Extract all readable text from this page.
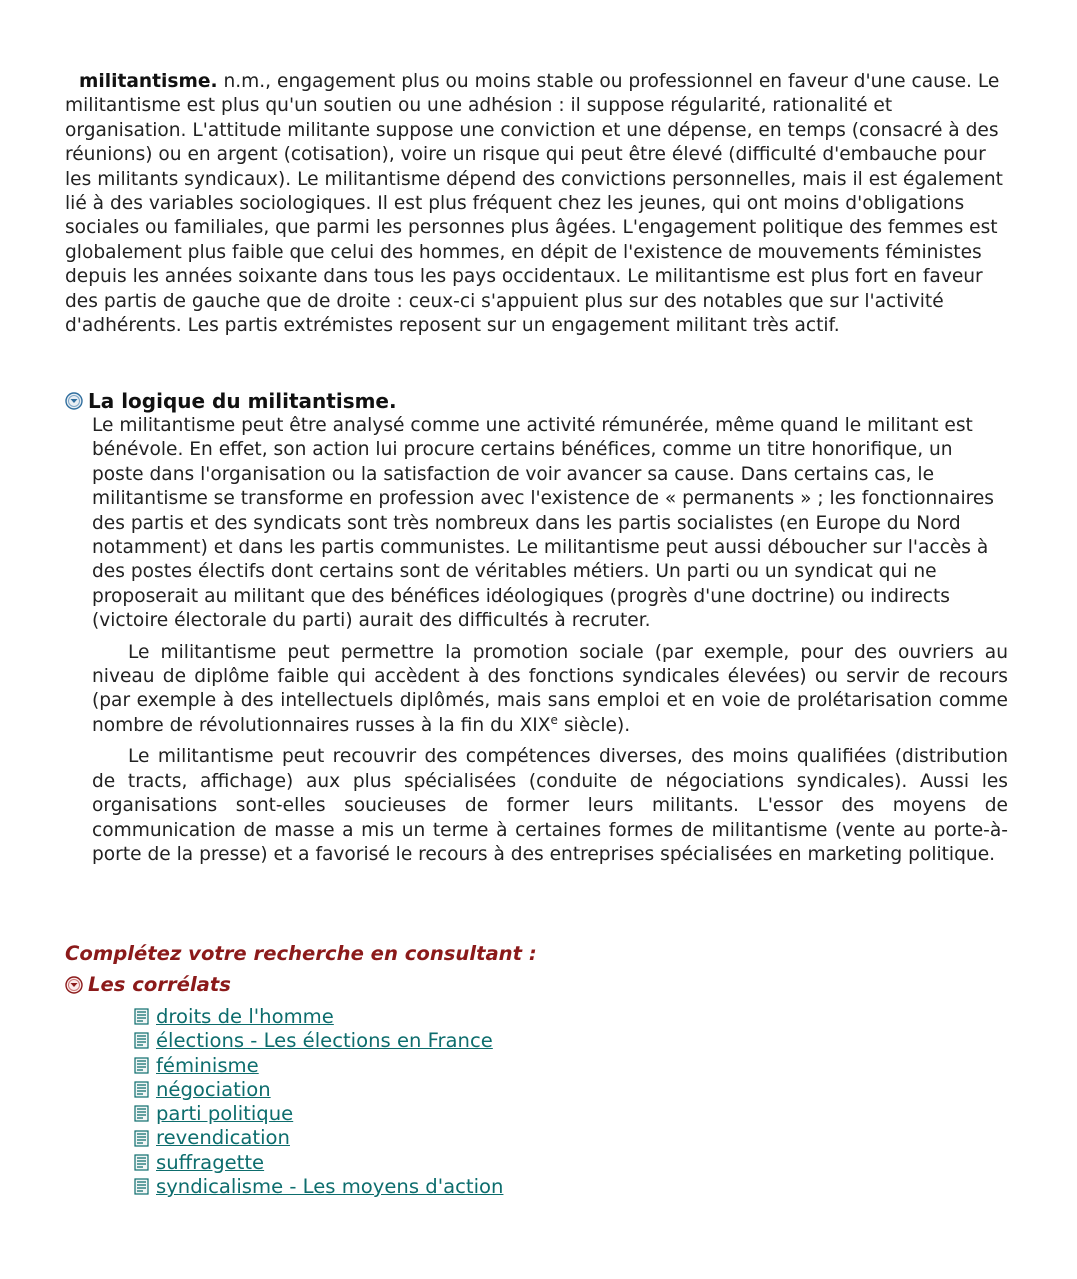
militantisme. n.m., engagement plus ou moins stable ou professionnel en faveur d'une cause. Le militantisme est plus qu'un soutien ou une adhésion : il suppose régularité, rationalité et organisation. L'attitude militante suppose une conviction et une dépense, en temps (consacré à des réunions) ou en argent (cotisation), voire un risque qui peut être élevé (difficulté d'embauche pour les militants syndicaux). Le militantisme dépend des convictions personnelles, mais il est également lié à des variables sociologiques. Il est plus fréquent chez les jeunes, qui ont moins d'obligations sociales ou familiales, que parmi les personnes plus âgées. L'engagement politique des femmes est globalement plus faible que celui des hommes, en dépit de l'existence de mouvements féministes depuis les années soixante dans tous les pays occidentaux. Le militantisme est plus fort en faveur des partis de gauche que de droite : ceux-ci s'appuient plus sur des notables que sur l'activité d'adhérents. Les partis extrémistes reposent sur un engagement militant très actif.
La logique du militantisme.

Le militantisme peut être analysé comme une activité rémunérée, même quand le militant est bénévole. En effet, son action lui procure certains bénéfices, comme un titre honorifique, un poste dans l'organisation ou la satisfaction de voir avancer sa cause. Dans certains cas, le militantisme se transforme en profession avec l'existence de « permanents » ; les fonctionnaires des partis et des syndicats sont très nombreux dans les partis socialistes (en Europe du Nord notamment) et dans les partis communistes. Le militantisme peut aussi déboucher sur l'accès à des postes électifs dont certains sont de véritables métiers. Un parti ou un syndicat qui ne proposerait au militant que des bénéfices idéologiques (progrès d'une doctrine) ou indirects (victoire électorale du parti) aurait des difficultés à recruter.

Le militantisme peut permettre la promotion sociale (par exemple, pour des ouvriers au niveau de diplôme faible qui accèdent à des fonctions syndicales élevées) ou servir de recours (par exemple à des intellectuels diplômés, mais sans emploi et en voie de prolétarisation comme nombre de révolutionnaires russes à la fin du XIXe siècle).

Le militantisme peut recouvrir des compétences diverses, des moins qualifiées (distribution de tracts, affichage) aux plus spécialisées (conduite de négociations syndicales). Aussi les organisations sont-elles soucieuses de former leurs militants. L'essor des moyens de communication de masse a mis un terme à certaines formes de militantisme (vente au porte-à-porte de la presse) et a favorisé le recours à des entreprises spécialisées en marketing politique.

Complétez votre recherche en consultant :
Les corrélats
droits de l'homme
élections - Les élections en France
féminisme
négociation
parti politique
revendication
suffragette
syndicalisme - Les moyens d'action
